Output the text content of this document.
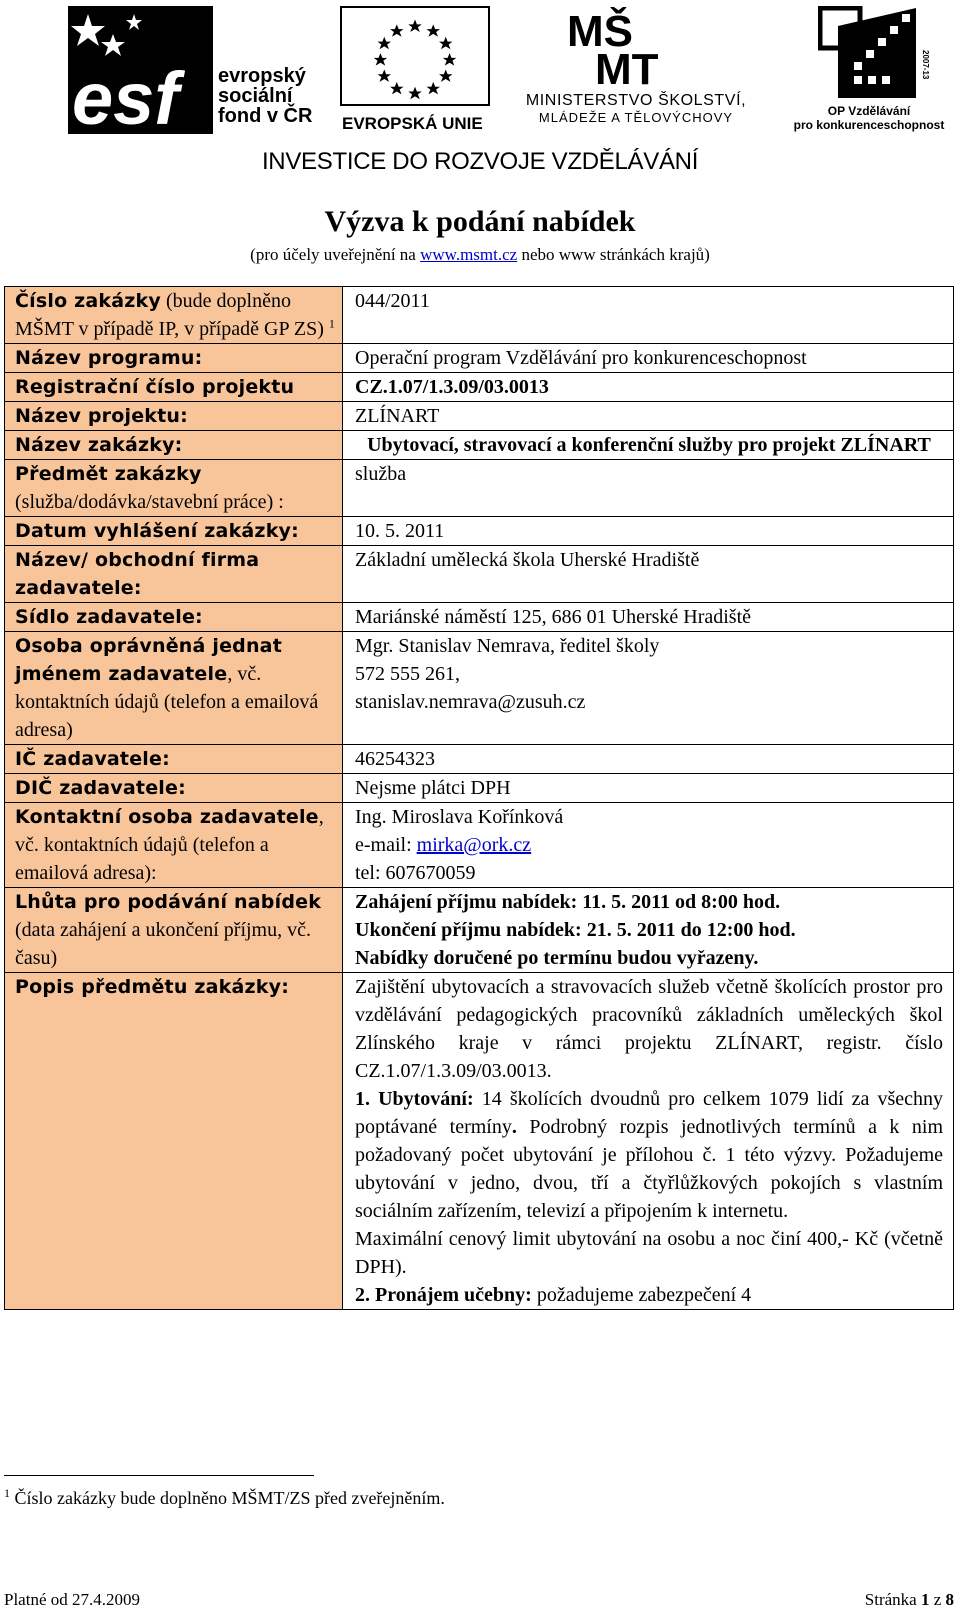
esf	evropský
sociální
fond v ČR EVROPSKÁ UNIE
MŠ
MT
MINISTERSTVO ŠKOLSTVÍ,
MLÁDEŽE A TĚLOVÝCHOVY
2007-13
OP Vzdělávání
pro konkurenceschopnost
INVESTICE DO ROZVOJE VZDĚLÁVÁNÍ
Výzva k podání nabídek
(pro účely uveřejnění na www.msmt.cz nebo www stránkách krajů)
Číslo zakázky (bude doplněno MŠMT v případě IP, v případě GP ZS) $^1$	044/2011
Název programu:	Operační program Vzdělávání pro konkurenceschopnost
Registrační číslo projektu	CZ.1.07/1.3.09/03.0013
Název projektu:	ZLÍNART
Název zakázky:	Ubytovací, stravovací a konferenční služby pro projekt ZLÍNART
Předmět zakázky
(služba/dodávka/stavební práce) :	služba
Datum vyhlášení zakázky:	10. 5. 2011
Název/ obchodní firma zadavatele:	Základní umělecká škola Uherské Hradiště
Sídlo zadavatele:	Mariánské náměstí 125, 686 01 Uherské Hradiště
Osoba oprávněná jednat jménem zadavatele, vč. kontaktních údajů (telefon a emailová adresa)	Mgr. Stanislav Nemrava, ředitel školy
572 555 261,
stanislav.nemrava@zusuh.cz

IČ zadavatele:	46254323
DIČ zadavatele:	Nejsme plátci DPH
Kontaktní osoba zadavatele, vč. kontaktních údajů (telefon a emailová adresa):	Ing. Miroslava Kořínková
e-mail: mirka@ork.cz
tel: 607670059

Lhůta pro podávání nabídek (data zahájení a ukončení příjmu, vč. času)	Zahájení příjmu nabídek: 11. 5. 2011 od 8:00 hod.
Ukončení příjmu nabídek: 21. 5. 2011 do 12:00 hod.
Nabídky doručené po termínu budou vyřazeny.

Popis předmětu zakázky:	Zajištění ubytovacích a stravovacích služeb včetně školících prostor pro vzdělávání pedagogických pracovníků základních uměleckých škol Zlínského kraje v rámci projektu ZLÍNART, registr. číslo CZ.1.07/1.3.09/03.0013.
1. Ubytování: 14 školících dvoudnů pro celkem 1079 lidí za všechny poptávané termíny. Podrobný rozpis jednotlivých termínů a k nim požadovaný počet ubytování je přílohou č. 1 této výzvy. Požadujeme ubytování v jedno, dvou, tří a čtyřlůžkových pokojích s vlastním sociálním zařízením, televizí a připojením k internetu.
Maximální cenový limit ubytování na osobu a noc činí 400,- Kč (včetně DPH).
2. Pronájem učebny: požadujeme zabezpečení 4
$^1$ Číslo zakázky bude doplněno MŠMT/ZS před zveřejněním.
Platné od 27.4.2009	Stránka 1 z 8
